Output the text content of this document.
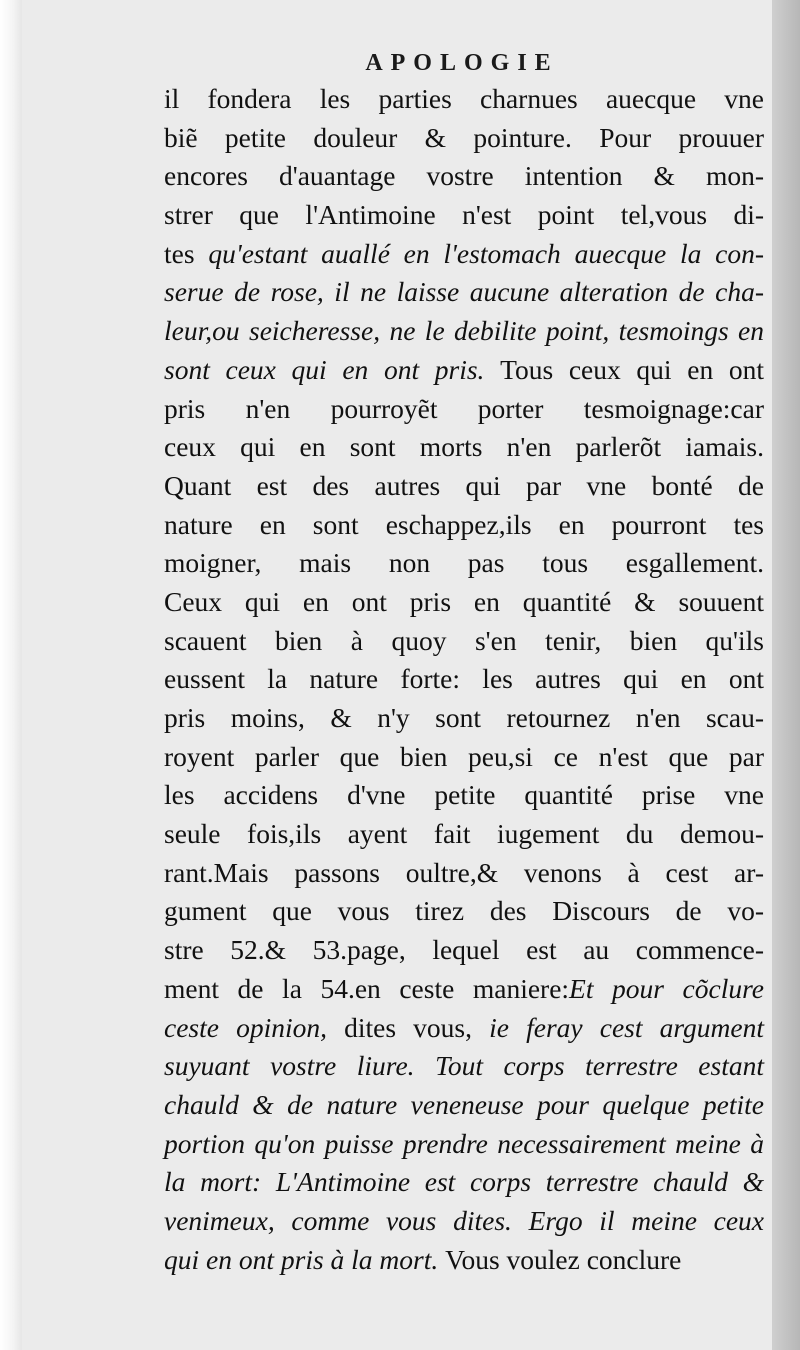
APOLOGIE
il fondera les parties charnues auecque vne
biẽ petite douleur & pointure. Pour prouuer
encores d'auantage vostre intention & mon-
strer que l'Antimoine n'est point tel,vous di-
tes qu'estant auallé en l'estomach auecque la con-
serue de rose, il ne laisse aucune alteration de cha-
leur,ou seicheresse, ne le debilite point, tesmoings en
sont ceux qui en ont pris. Tous ceux qui en ont
pris n'en pourroyẽt porter tesmoignage:car
ceux qui en sont morts n'en parlerõt iamais.
Quant est des autres qui par vne bonté de
nature en sont eschappez,ils en pourront tes
moigner, mais non pas tous esgallement.
Ceux qui en ont pris en quantité & souuent
scauent bien à quoy s'en tenir, bien qu'ils
eussent la nature forte: les autres qui en ont
pris moins, & n'y sont retournez n'en scau-
royent parler que bien peu,si ce n'est que par
les accidens d'vne petite quantité prise vne
seule fois,ils ayent fait iugement du demou-
rant.Mais passons oultre,& venons à cest ar-
gument que vous tirez des Discours de vo-
stre 52.& 53.page, lequel est au commence-
ment de la 54.en ceste maniere:Et pour cõclure
ceste opinion, dites vous, ie feray cest argument
suyuant vostre liure. Tout corps terrestre estant
chauld & de nature veneneuse pour quelque petite
portion qu'on puisse prendre necessairement meine à
la mort: L'Antimoine est corps terrestre chauld &
venimeux, comme vous dites. Ergo il meine ceux
qui en ont pris à la mort. Vous voulez conclure
